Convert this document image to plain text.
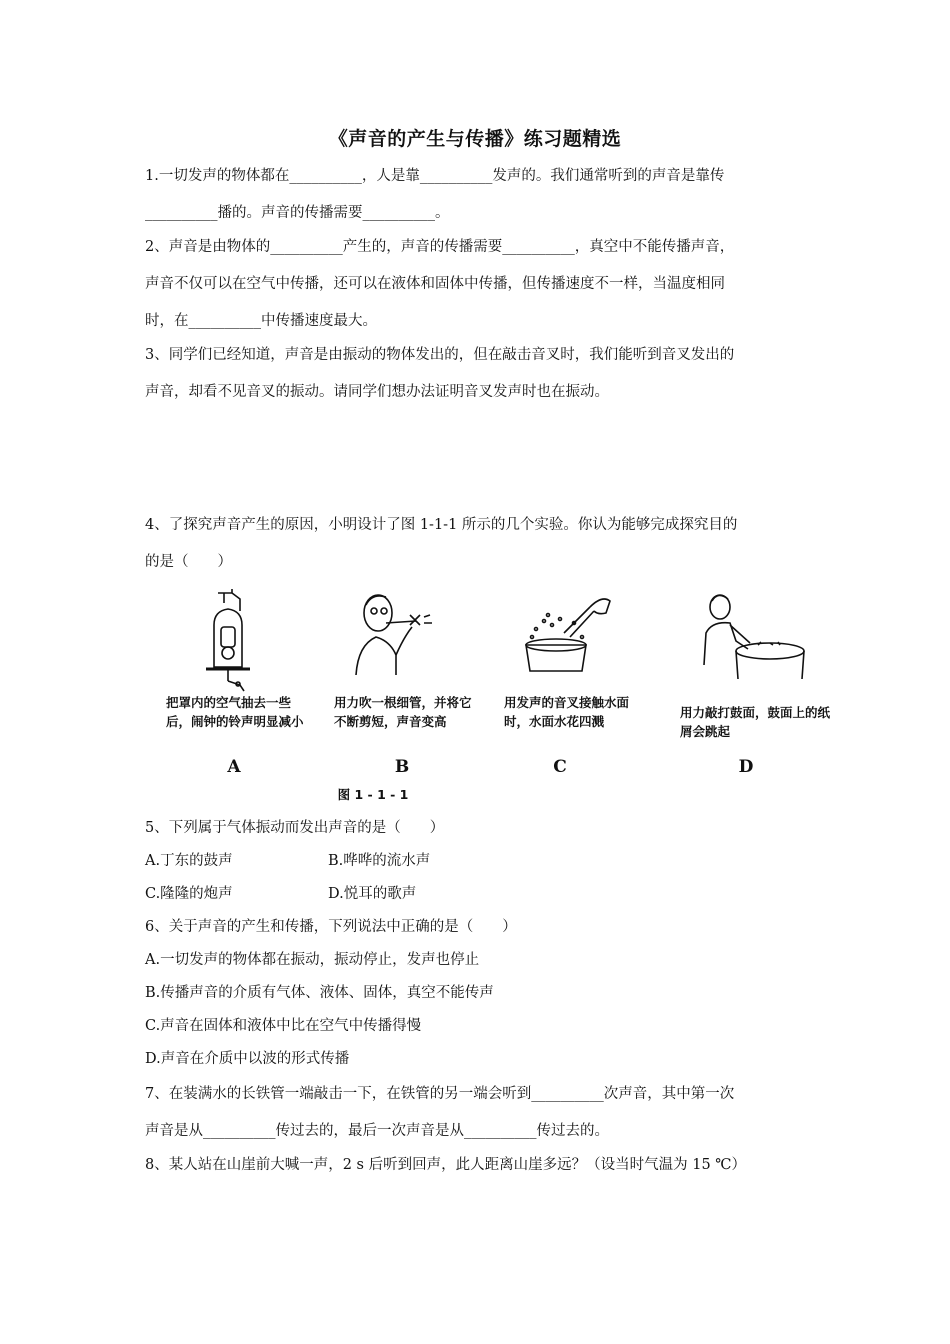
《声音的产生与传播》练习题精选
1.一切发声的物体都在__________，人是靠__________发声的。我们通常听到的声音是靠传
__________播的。声音的传播需要__________。
2、声音是由物体的__________产生的，声音的传播需要__________，真空中不能传播声音，
声音不仅可以在空气中传播，还可以在液体和固体中传播，但传播速度不一样，当温度相同
时，在__________中传播速度最大。
3、同学们已经知道，声音是由振动的物体发出的，但在敲击音叉时，我们能听到音叉发出的
声音，却看不见音叉的振动。请同学们想办法证明音叉发声时也在振动。
4、了探究声音产生的原因，小明设计了图 1-1-1 所示的几个实验。你认为能够完成探究目的
的是（　　）
把罩内的空气抽去一些后，闹钟的铃声明显减小
A
用力吹一根细管，并将它不断剪短，声音变高
B
用发声的音叉接触水面时，水面水花四溅
C
用力敲打鼓面，鼓面上的纸屑会跳起
D
图 1 - 1 - 1
5、下列属于气体振动而发出声音的是（　　）
A.丁东的鼓声	B.哗哗的流水声
C.隆隆的炮声	D.悦耳的歌声
6、关于声音的产生和传播，下列说法中正确的是（　　）
A.一切发声的物体都在振动，振动停止，发声也停止
B.传播声音的介质有气体、液体、固体，真空不能传声
C.声音在固体和液体中比在空气中传播得慢
D.声音在介质中以波的形式传播
7、在装满水的长铁管一端敲击一下，在铁管的另一端会听到__________次声音，其中第一次
声音是从__________传过去的，最后一次声音是从__________传过去的。
8、某人站在山崖前大喊一声，2 s 后听到回声，此人距离山崖多远？（设当时气温为 15 ℃）
